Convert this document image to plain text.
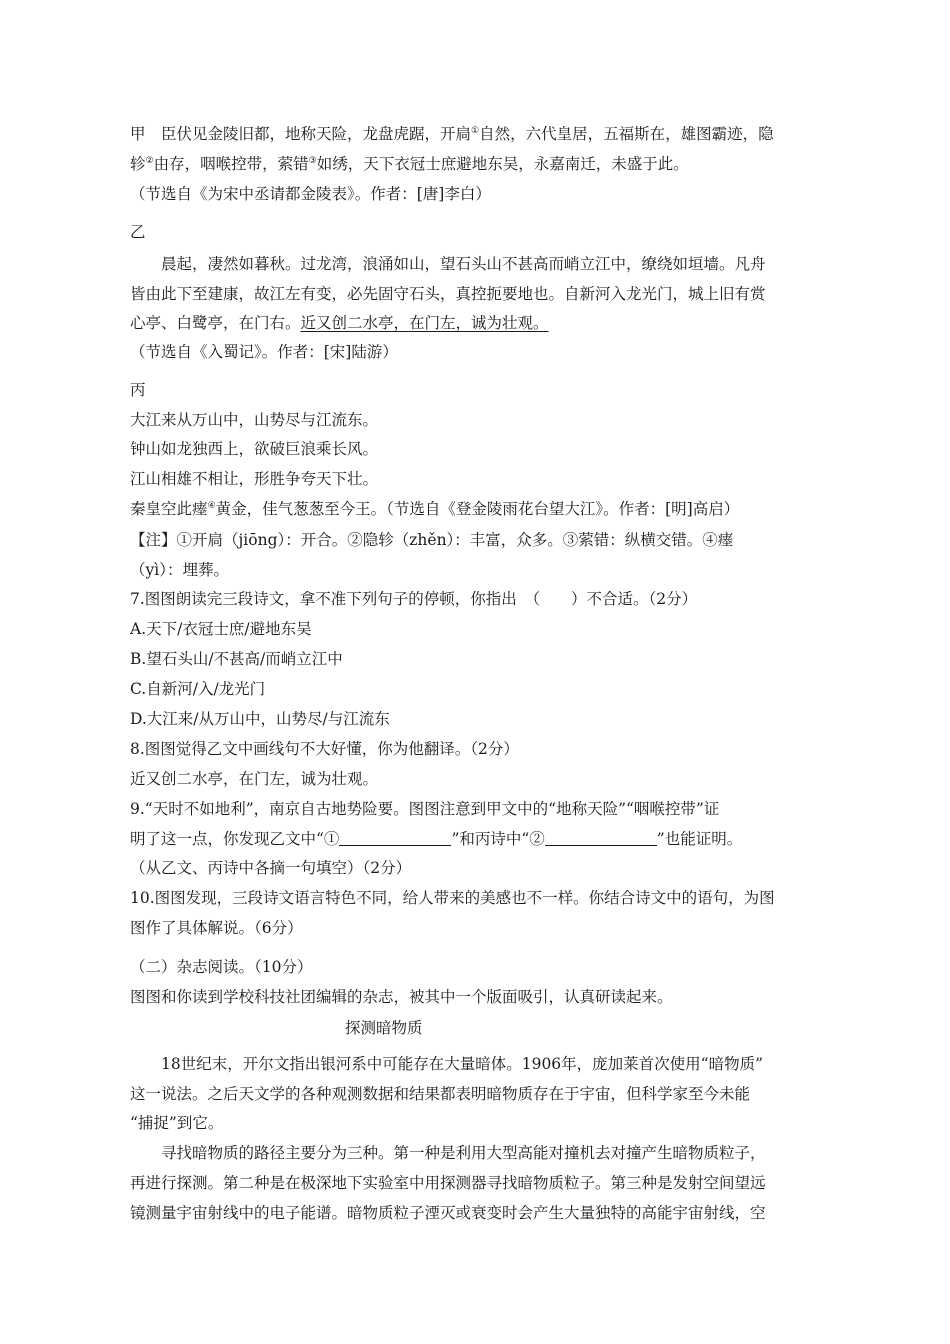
甲　臣伏见金陵旧都，地称天险，龙盘虎踞，开扃①自然，六代皇居，五福斯在，雄图霸迹，隐
轸②由存，咽喉控带，萦错③如绣，天下衣冠士庶避地东吴，永嘉南迁，未盛于此。
（节选自《为宋中丞请都金陵表》。作者：[唐]李白）
乙
晨起，凄然如暮秋。过龙湾，浪涌如山，望石头山不甚高而峭立江中，缭绕如垣墙。凡舟
皆由此下至建康，故江左有变，必先固守石头，真控扼要地也。自新河入龙光门，城上旧有赏
心亭、白鹭亭，在门右。近又创二水亭，在门左，诚为壮观。
（节选自《入蜀记》。作者：[宋]陆游）
丙
大江来从万山中，山势尽与江流东。
钟山如龙独西上，欲破巨浪乘长风。
江山相雄不相让，形胜争夸天下壮。
秦皇空此瘗④黄金，佳气葱葱至今王。（节选自《登金陵雨花台望大江》。作者：[明]高启）
【注】①开扃（jiōng）：开合。②隐轸（zhěn）：丰富，众多。③萦错：纵横交错。④瘗
（yì）：埋葬。
7.图图朗读完三段诗文，拿不准下列句子的停顿，你指出　（　　）不合适。（2分）
A.天下/衣冠士庶/避地东吴
B.望石头山/不甚高/而峭立江中
C.自新河/入/龙光门
D.大江来/从万山中，山势尽/与江流东
8.图图觉得乙文中画线句不大好懂，你为他翻译。（2分）
近又创二水亭，在门左，诚为壮观。
9.“天时不如地利”，南京自古地势险要。图图注意到甲文中的“地称天险”“咽喉控带”证
明了这一点，你发现乙文中“①	”和丙诗中“②	”也能证明。
（从乙文、丙诗中各摘一句填空）（2分）
10.图图发现，三段诗文语言特色不同，给人带来的美感也不一样。你结合诗文中的语句，为图
图作了具体解说。（6分）
（二）杂志阅读。（10分）
图图和你读到学校科技社团编辑的杂志，被其中一个版面吸引，认真研读起来。
探测暗物质
18世纪末，开尔文指出银河系中可能存在大量暗体。1906年，庞加莱首次使用“暗物质”
这一说法。之后天文学的各种观测数据和结果都表明暗物质存在于宇宙，但科学家至今未能
“捕捉”到它。
寻找暗物质的路径主要分为三种。第一种是利用大型高能对撞机去对撞产生暗物质粒子，
再进行探测。第二种是在极深地下实验室中用探测器寻找暗物质粒子。第三种是发射空间望远
镜测量宇宙射线中的电子能谱。暗物质粒子湮灭或衰变时会产生大量独特的高能宇宙射线，空
